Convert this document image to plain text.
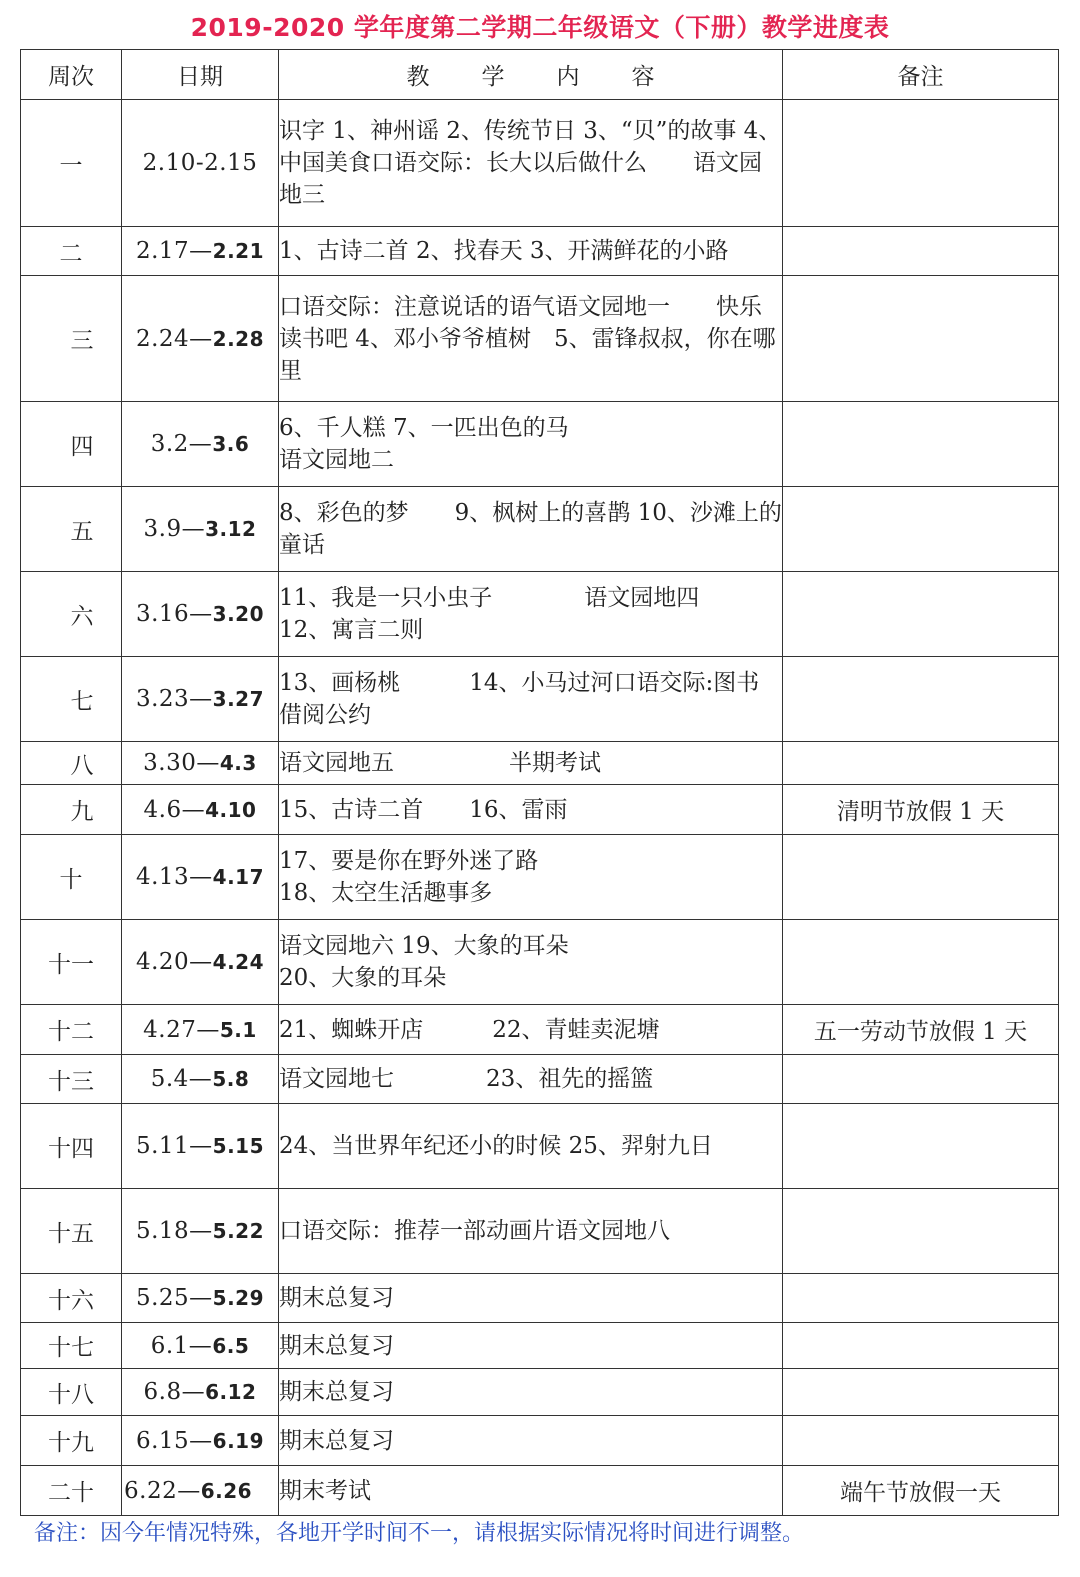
2019-2020 学年度第二学期二年级语文（下册）教学进度表
周次	日期	教 学 内 容	备注
一	2.10-2.15	识字 1、神州谣 2、传统节日 3、“贝”的故事 4、中国美食口语交际：长大以后做什么　　语文园地三	
二	2.17—2.21	1、古诗二首 2、找春天 3、开满鲜花的小路	
三	2.24—2.28	口语交际：注意说话的语气语文园地一　　快乐读书吧 4、邓小爷爷植树　5、雷锋叔叔，你在哪里	
四	3.2—3.6	6、千人糕 7、一匹出色的马
语文园地二	
五	3.9—3.12	8、彩色的梦　　9、枫树上的喜鹊 10、沙滩上的童话	
六	3.16—3.20	11、我是一只小虫子　　　　语文园地四
12、寓言二则	
七	3.23—3.27	13、画杨桃　　　14、小马过河口语交际:图书借阅公约	
八	3.30—4.3	语文园地五　　　　　半期考试	
九	4.6—4.10	15、古诗二首　　16、雷雨	清明节放假 1 天
十	4.13—4.17	17、要是你在野外迷了路
18、太空生活趣事多	
十一	4.20—4.24	语文园地六 19、大象的耳朵
20、大象的耳朵	
十二	4.27—5.1	21、蜘蛛开店　　　22、青蛙卖泥塘	五一劳动节放假 1 天
十三	5.4—5.8	语文园地七　　　　23、祖先的摇篮	
十四	5.11—5.15	24、当世界年纪还小的时候 25、羿射九日	
十五	5.18—5.22	口语交际：推荐一部动画片语文园地八	
十六	5.25—5.29	期末总复习	
十七	6.1—6.5	期末总复习	
十八	6.8—6.12	期末总复习	
十九	6.15—6.19	期末总复习	
二十	6.22—6.26	期末考试	端午节放假一天
备注：因今年情况特殊，各地开学时间不一，请根据实际情况将时间进行调整。
